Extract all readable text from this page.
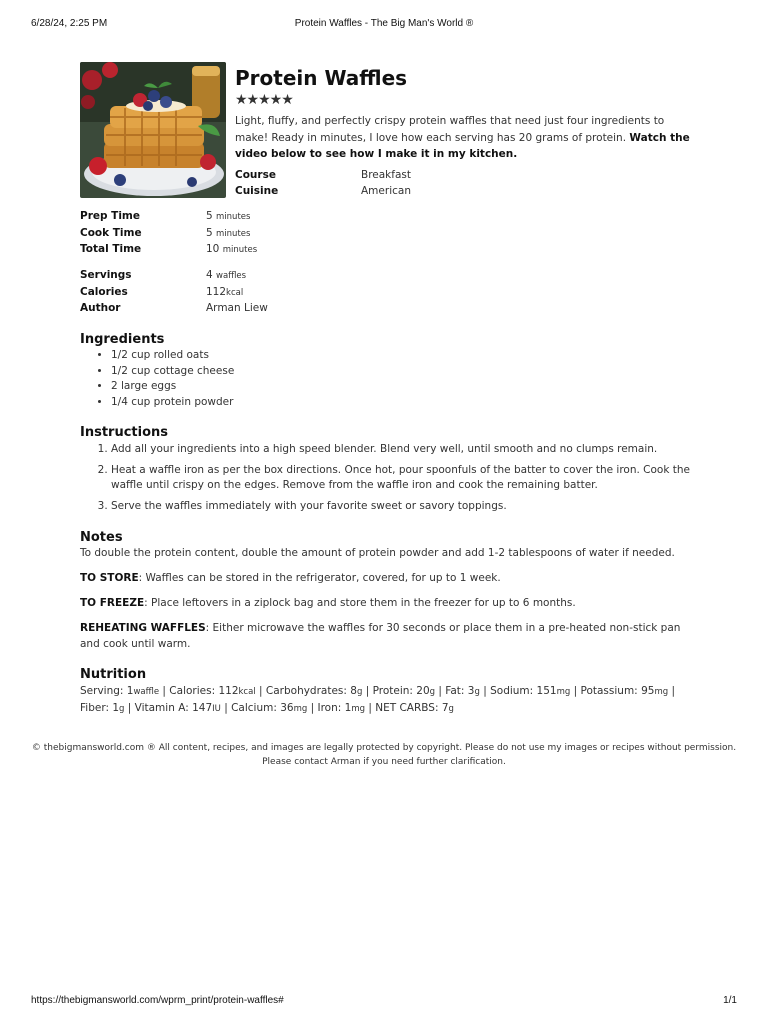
6/28/24, 2:25 PM	Protein Waffles - The Big Man's World ®
Protein Waffles
★★★★★
Light, fluffy, and perfectly crispy protein waffles that need just four ingredients to make! Ready in minutes, I love how each serving has 20 grams of protein. Watch the video below to see how I make it in my kitchen.
Course	Breakfast
Cuisine	American
Prep Time	5 minutes
Cook Time	5 minutes
Total Time	10 minutes
Servings	4 waffles
Calories	112kcal
Author	Arman Liew
Ingredients
• 1/2 cup rolled oats
• 1/2 cup cottage cheese
• 2 large eggs
• 1/4 cup protein powder
Instructions
1. Add all your ingredients into a high speed blender. Blend very well, until smooth and no clumps remain.
2. Heat a waffle iron as per the box directions. Once hot, pour spoonfuls of the batter to cover the iron. Cook the waffle until crispy on the edges. Remove from the waffle iron and cook the remaining batter.
3. Serve the waffles immediately with your favorite sweet or savory toppings.
Notes

To double the protein content, double the amount of protein powder and add 1-2 tablespoons of water if needed.

TO STORE: Waffles can be stored in the refrigerator, covered, for up to 1 week.

TO FREEZE: Place leftovers in a ziplock bag and store them in the freezer for up to 6 months.

REHEATING WAFFLES: Either microwave the waffles for 30 seconds or place them in a pre-heated non-stick pan and cook until warm.

Nutrition

Serving: 1waffle | Calories: 112kcal | Carbohydrates: 8g | Protein: 20g | Fat: 3g | Sodium: 151mg | Potassium: 95mg | Fiber: 1g | Vitamin A: 147IU | Calcium: 36mg | Iron: 1mg | NET CARBS: 7g

© thebigmansworld.com ® All content, recipes, and images are legally protected by copyright. Please do not use my images or recipes without permission.
Please contact Arman if you need further clarification.
https://thebigmansworld.com/wprm_print/protein-waffles#	1/1
